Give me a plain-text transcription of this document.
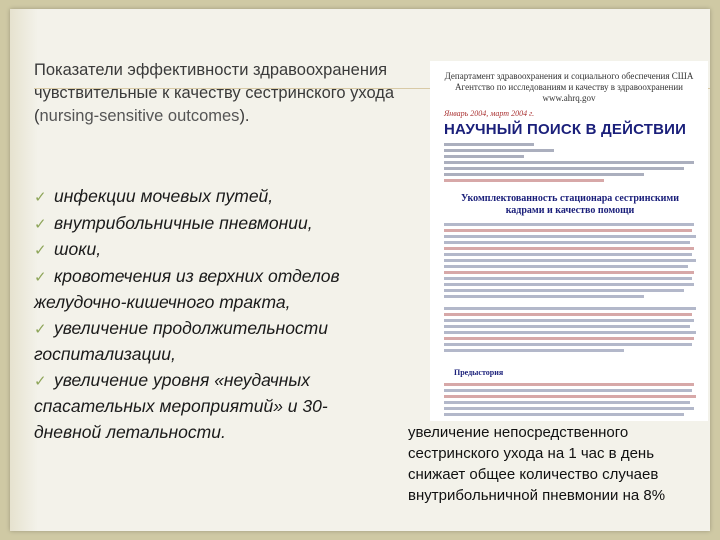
Показатели эффективности здравоохранения чувствительные к качеству сестринского ухода (nursing-sensitive outcomes).
✓ инфекции мочевых путей,
✓ внутрибольничные пневмонии,
✓ шоки,
✓ кровотечения из верхних отделов желудочно-кишечного тракта,
✓ увеличение продолжительности госпитализации,
✓ увеличение уровня «неудачных спасательных мероприятий» и 30-дневной летальности.
Департамент здравоохранения и социального обеспечения США Агентство по исследованиям и качеству в здравоохранении www.ahrq.gov
Январь 2004, март 2004 г.
НАУЧНЫЙ ПОИСК В ДЕЙСТВИИ
Укомплектованность стационара сестринскими кадрами и качество помощи
Предыстория
увеличение непосредственного сестринского ухода на 1 час в день снижает общее количество случаев внутрибольничной пневмонии на 8%
